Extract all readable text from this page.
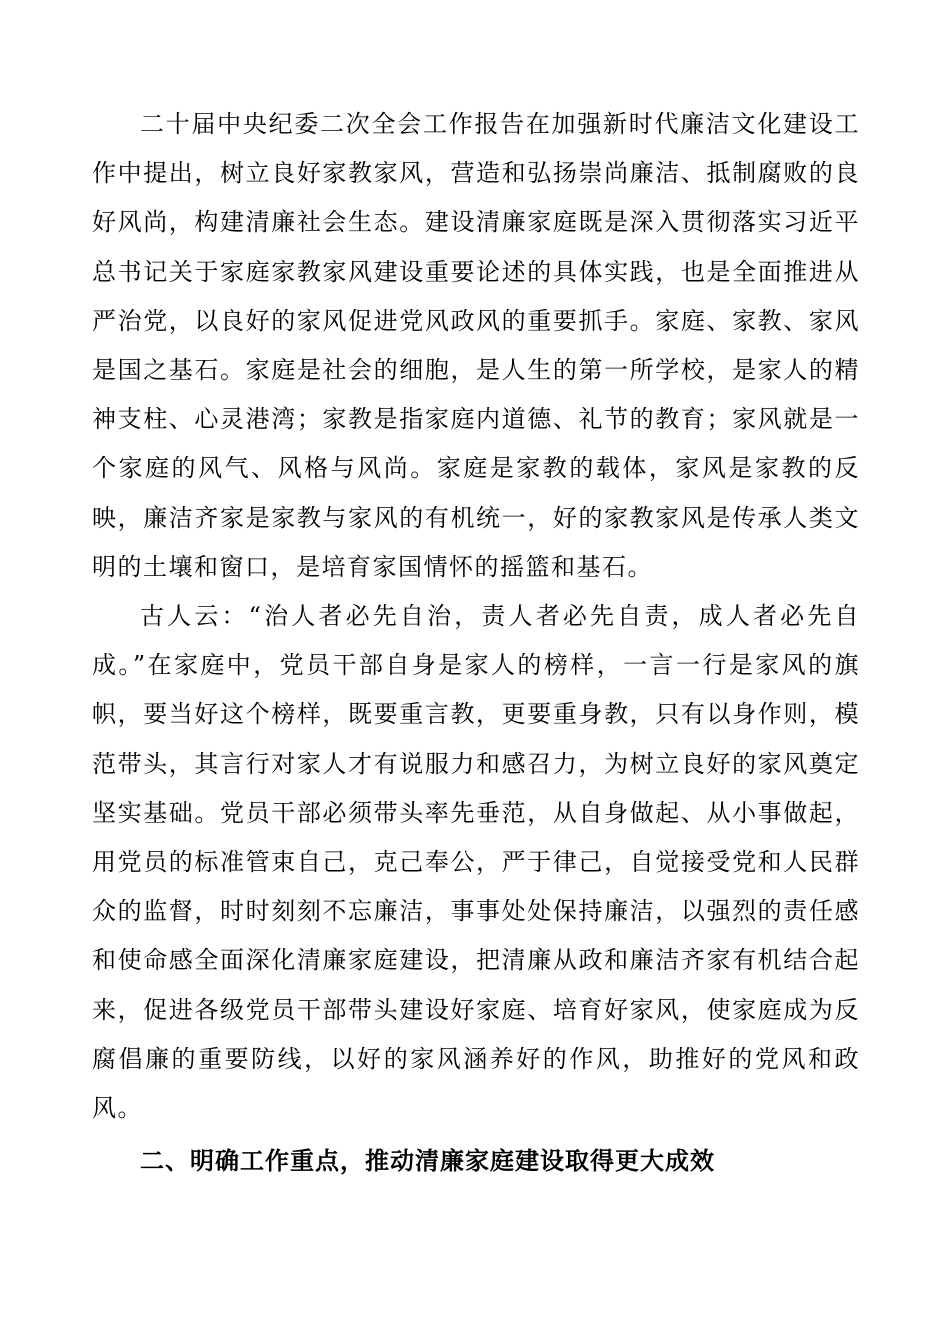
二十届中央纪委二次全会工作报告在加强新时代廉洁文化建设工作中提出，树立良好家教家风，营造和弘扬崇尚廉洁、抵制腐败的良好风尚，构建清廉社会生态。建设清廉家庭既是深入贯彻落实习近平总书记关于家庭家教家风建设重要论述的具体实践，也是全面推进从严治党，以良好的家风促进党风政风的重要抓手。家庭、家教、家风是国之基石。家庭是社会的细胞，是人生的第一所学校，是家人的精神支柱、心灵港湾；家教是指家庭内道德、礼节的教育；家风就是一个家庭的风气、风格与风尚。家庭是家教的载体，家风是家教的反映，廉洁齐家是家教与家风的有机统一，好的家教家风是传承人类文明的土壤和窗口，是培育家国情怀的摇篮和基石。

古人云：“治人者必先自治，责人者必先自责，成人者必先自成。”在家庭中，党员干部自身是家人的榜样，一言一行是家风的旗帜，要当好这个榜样，既要重言教，更要重身教，只有以身作则，模范带头，其言行对家人才有说服力和感召力，为树立良好的家风奠定坚实基础。党员干部必须带头率先垂范，从自身做起、从小事做起，用党员的标准管束自己，克己奉公，严于律己，自觉接受党和人民群众的监督，时时刻刻不忘廉洁，事事处处保持廉洁，以强烈的责任感和使命感全面深化清廉家庭建设，把清廉从政和廉洁齐家有机结合起来，促进各级党员干部带头建设好家庭、培育好家风，使家庭成为反腐倡廉的重要防线，以好的家风涵养好的作风，助推好的党风和政风。

二、明确工作重点，推动清廉家庭建设取得更大成效
